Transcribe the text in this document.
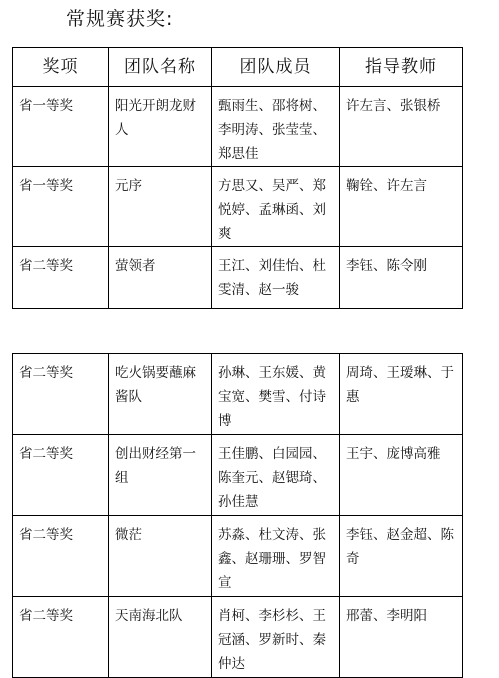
常规赛获奖:
奖项	团队名称	团队成员	指导教师
省一等奖	阳光开朗龙财人	甄雨生、邵将树、李明涛、张莹莹、郑思佳	许左言、张银桥
省一等奖	元序	方思又、吴严、郑悦婷、孟琳函、刘爽	鞠铨、许左言
省二等奖	萤领者	王江、刘佳怡、杜雯清、赵一骏	李钰、陈令刚
省二等奖	吃火锅要蘸麻酱队	孙琳、王东媛、黄宝宽、樊雪、付诗博	周琦、王瑷琳、于惠
省二等奖	创出财经第一组	王佳鹏、白园园、陈奎元、赵锶琦、孙佳慧	王宇、庞博高雅
省二等奖	微茫	苏淼、杜文涛、张鑫、赵珊珊、罗智宣	李钰、赵金超、陈奇
省二等奖	天南海北队	肖柯、李杉杉、王冠涵、罗新时、秦仲达	邢蕾、李明阳
